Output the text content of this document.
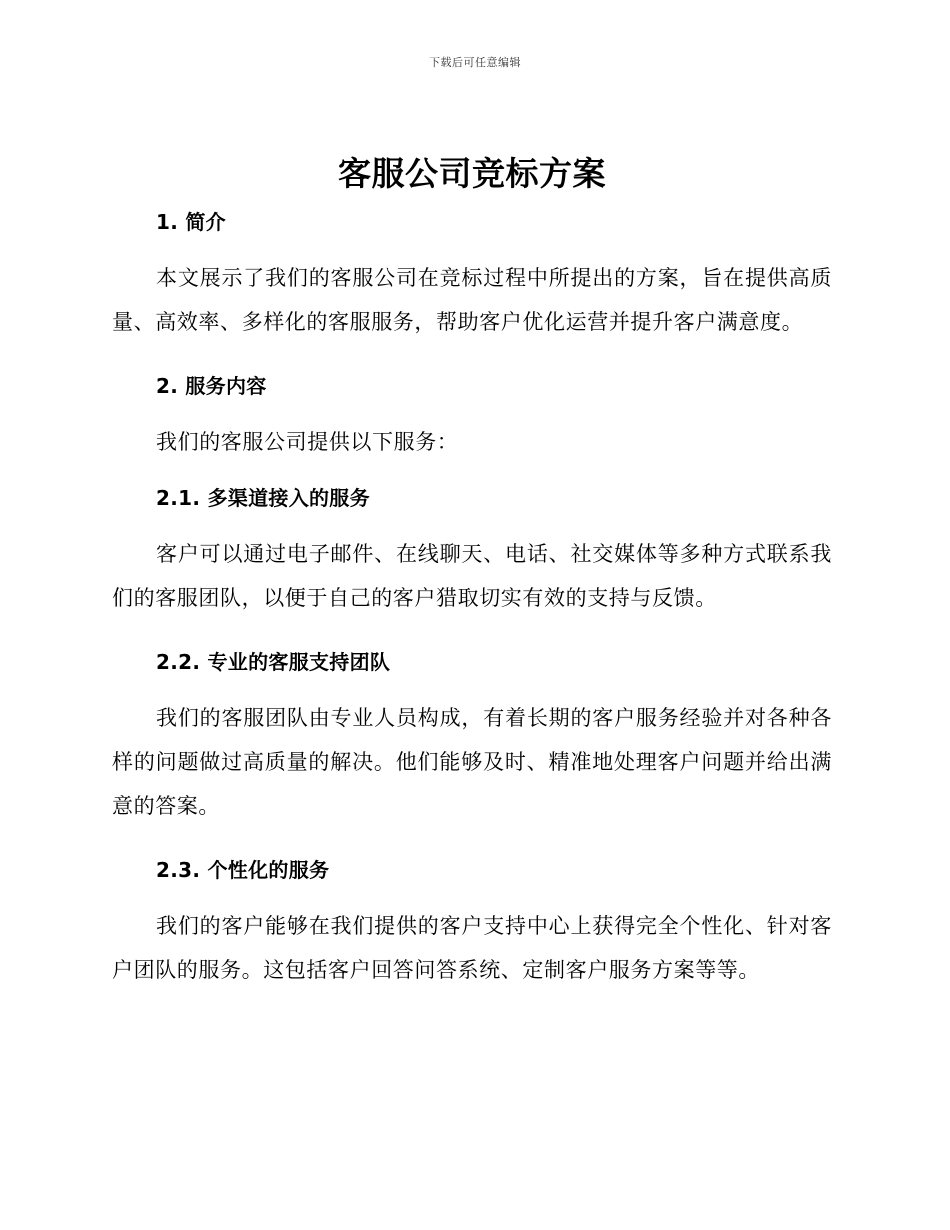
下载后可任意编辑
客服公司竞标方案
1. 简介

本文展示了我们的客服公司在竞标过程中所提出的方案，旨在提供高质量、高效率、多样化的客服服务，帮助客户优化运营并提升客户满意度。

2. 服务内容

我们的客服公司提供以下服务：

2.1. 多渠道接入的服务

客户可以通过电子邮件、在线聊天、电话、社交媒体等多种方式联系我们的客服团队，以便于自己的客户猎取切实有效的支持与反馈。

2.2. 专业的客服支持团队

我们的客服团队由专业人员构成，有着长期的客户服务经验并对各种各样的问题做过高质量的解决。他们能够及时、精准地处理客户问题并给出满意的答案。

2.3. 个性化的服务

我们的客户能够在我们提供的客户支持中心上获得完全个性化、针对客户团队的服务。这包括客户回答问答系统、定制客户服务方案等等。
